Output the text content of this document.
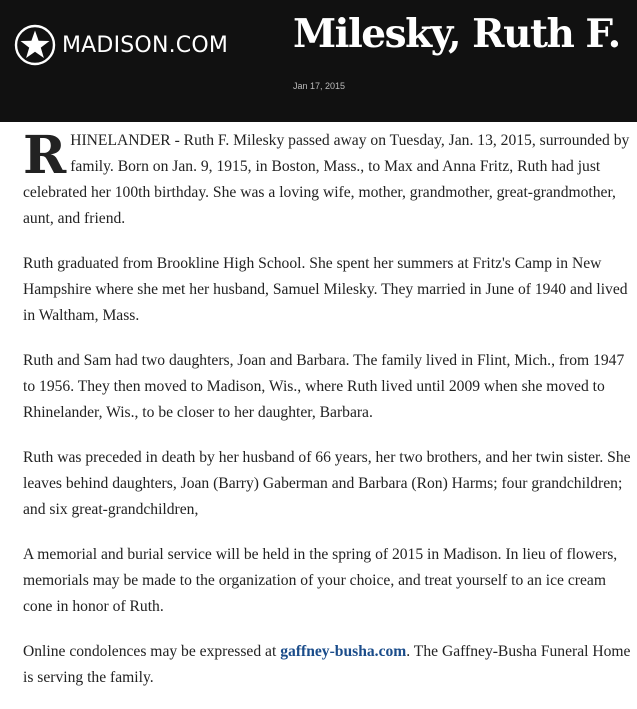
MADISON.COM Milesky, Ruth F.
Jan 17, 2015

RHINELANDER - Ruth F. Milesky passed away on Tuesday, Jan. 13, 2015, surrounded by family. Born on Jan. 9, 1915, in Boston, Mass., to Max and Anna Fritz, Ruth had just celebrated her 100th birthday. She was a loving wife, mother, grandmother, great-grandmother, aunt, and friend.

Ruth graduated from Brookline High School. She spent her summers at Fritz's Camp in New Hampshire where she met her husband, Samuel Milesky. They married in June of 1940 and lived in Waltham, Mass.

Ruth and Sam had two daughters, Joan and Barbara. The family lived in Flint, Mich., from 1947 to 1956. They then moved to Madison, Wis., where Ruth lived until 2009 when she moved to Rhinelander, Wis., to be closer to her daughter, Barbara.

Ruth was preceded in death by her husband of 66 years, her two brothers, and her twin sister. She leaves behind daughters, Joan (Barry) Gaberman and Barbara (Ron) Harms; four grandchildren; and six great-grandchildren,

A memorial and burial service will be held in the spring of 2015 in Madison. In lieu of flowers, memorials may be made to the organization of your choice, and treat yourself to an ice cream cone in honor of Ruth.

Online condolences may be expressed at gaffney-busha.com. The Gaffney-Busha Funeral Home is serving the family.
